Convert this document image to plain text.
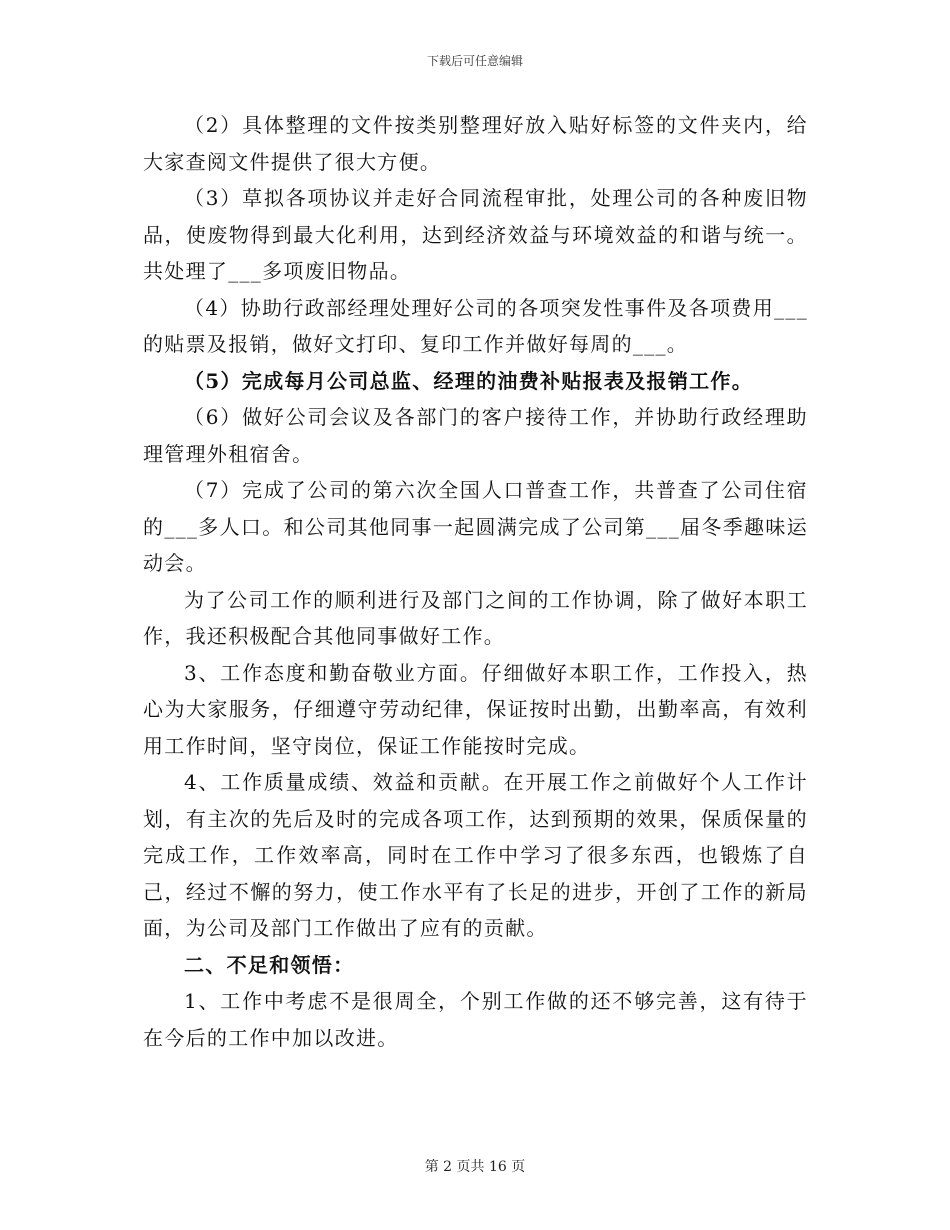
下载后可任意编辑

（2）具体整理的文件按类别整理好放入贴好标签的文件夹内，给大家查阅文件提供了很大方便。

（3）草拟各项协议并走好合同流程审批，处理公司的各种废旧物品，使废物得到最大化利用，达到经济效益与环境效益的和谐与统一。共处理了___多项废旧物品。

（4）协助行政部经理处理好公司的各项突发性事件及各项费用___的贴票及报销，做好文打印、复印工作并做好每周的___。

（5）完成每月公司总监、经理的油费补贴报表及报销工作。

（6）做好公司会议及各部门的客户接待工作，并协助行政经理助理管理外租宿舍。

（7）完成了公司的第六次全国人口普查工作，共普查了公司住宿的___多人口。和公司其他同事一起圆满完成了公司第___届冬季趣味运动会。

为了公司工作的顺利进行及部门之间的工作协调，除了做好本职工作，我还积极配合其他同事做好工作。

3、工作态度和勤奋敬业方面。仔细做好本职工作，工作投入，热心为大家服务，仔细遵守劳动纪律，保证按时出勤，出勤率高，有效利用工作时间，坚守岗位，保证工作能按时完成。

4、工作质量成绩、效益和贡献。在开展工作之前做好个人工作计划，有主次的先后及时的完成各项工作，达到预期的效果，保质保量的完成工作，工作效率高，同时在工作中学习了很多东西，也锻炼了自己，经过不懈的努力，使工作水平有了长足的进步，开创了工作的新局面，为公司及部门工作做出了应有的贡献。

二、不足和领悟：

1、工作中考虑不是很周全，个别工作做的还不够完善，这有待于在今后的工作中加以改进。

第 2 页共 16 页
